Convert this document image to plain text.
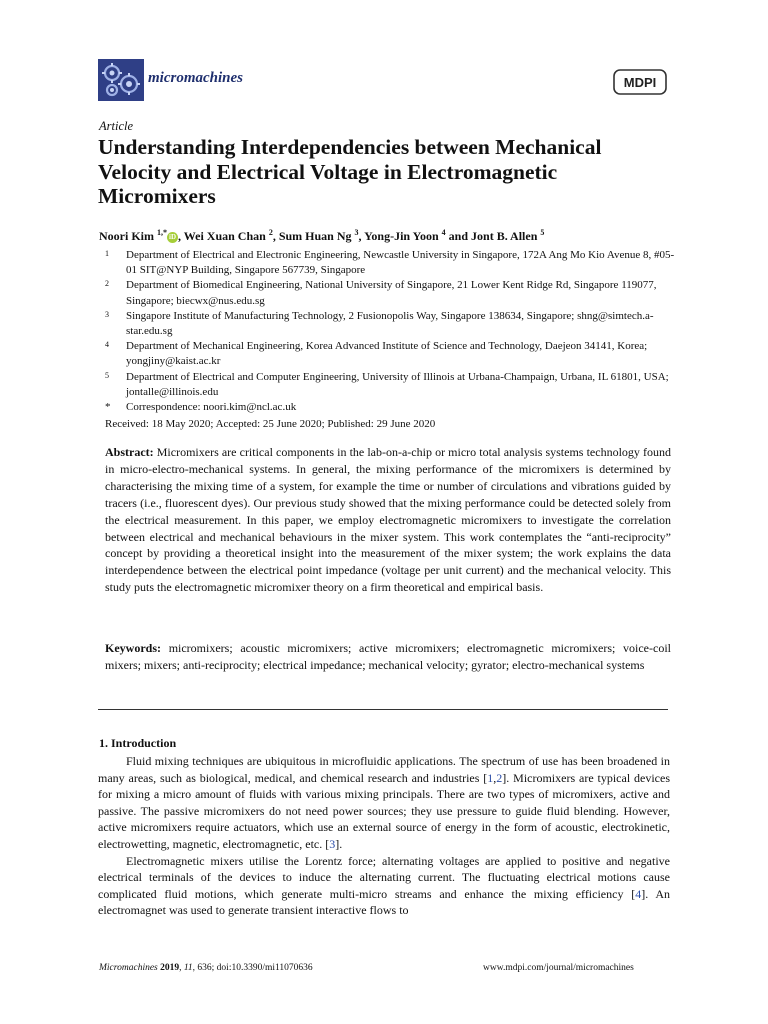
micromachines	MDPI
Article
Understanding Interdependencies between Mechanical Velocity and Electrical Voltage in Electromagnetic Micromixers
Noori Kim $^{1,*}$ iD , Wei Xuan Chan $^2$, Sum Huan Ng $^3$, Yong-Jin Yoon $^4$ and Jont B. Allen $^5$
1	Department of Electrical and Electronic Engineering, Newcastle University in Singapore, 172A Ang Mo Kio Avenue 8, #05-01 SIT@NYP Building, Singapore 567739, Singapore
2	Department of Biomedical Engineering, National University of Singapore, 21 Lower Kent Ridge Rd, Singapore 119077, Singapore; biecwx@nus.edu.sg
3	Singapore Institute of Manufacturing Technology, 2 Fusionopolis Way, Singapore 138634, Singapore; shng@simtech.a-star.edu.sg
4	Department of Mechanical Engineering, Korea Advanced Institute of Science and Technology, Daejeon 34141, Korea; yongjiny@kaist.ac.kr
5	Department of Electrical and Computer Engineering, University of Illinois at Urbana-Champaign, Urbana, IL 61801, USA; jontalle@illinois.edu
*	Correspondence: noori.kim@ncl.ac.uk
Received: 18 May 2020; Accepted: 25 June 2020; Published: 29 June 2020
Abstract: Micromixers are critical components in the lab-on-a-chip or micro total analysis systems technology found in micro-electro-mechanical systems. In general, the mixing performance of the micromixers is determined by characterising the mixing time of a system, for example the time or number of circulations and vibrations guided by tracers (i.e., fluorescent dyes). Our previous study showed that the mixing performance could be detected solely from the electrical measurement. In this paper, we employ electromagnetic micromixers to investigate the correlation between electrical and mechanical behaviours in the mixer system. This work contemplates the “anti-reciprocity” concept by providing a theoretical insight into the measurement of the mixer system; the work explains the data interdependence between the electrical point impedance (voltage per unit current) and the mechanical velocity. This study puts the electromagnetic micromixer theory on a firm theoretical and empirical basis.
Keywords: micromixers; acoustic micromixers; active micromixers; electromagnetic micromixers; voice-coil mixers; mixers; anti-reciprocity; electrical impedance; mechanical velocity; gyrator; electro-mechanical systems
1. Introduction

Fluid mixing techniques are ubiquitous in microfluidic applications. The spectrum of use has been broadened in many areas, such as biological, medical, and chemical research and industries [1,2]. Micromixers are typical devices for mixing a micro amount of fluids with various mixing principals. There are two types of micromixers, active and passive. The passive micromixers do not need power sources; they use pressure to guide fluid blending. However, active micromixers require actuators, which use an external source of energy in the form of acoustic, electrokinetic, electrowetting, magnetic, electromagnetic, etc. [3].

Electromagnetic mixers utilise the Lorentz force; alternating voltages are applied to positive and negative electrical terminals of the devices to induce the alternating current. The fluctuating electrical motions cause complicated fluid motions, which generate multi-micro streams and enhance the mixing efficiency [4]. An electromagnet was used to generate transient interactive flows to

Micromachines 2019, 11, 636; doi:10.3390/mi11070636	www.mdpi.com/journal/micromachines
